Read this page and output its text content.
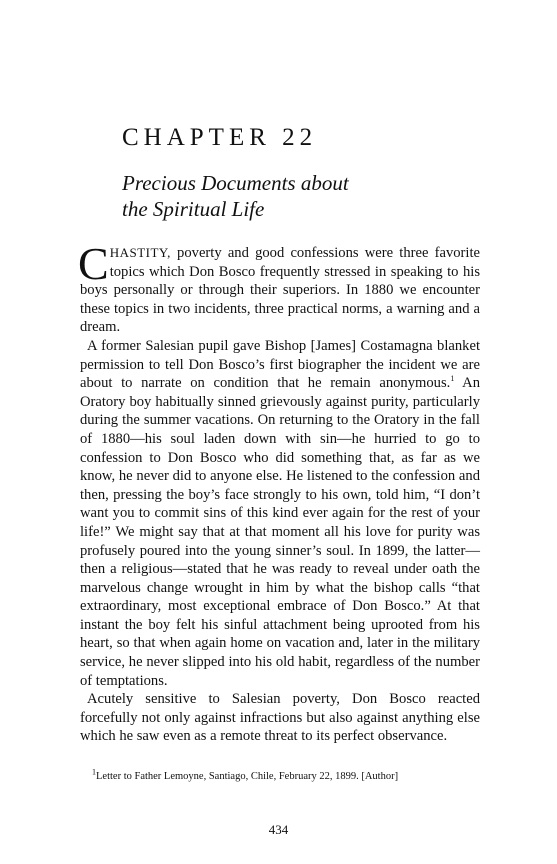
CHAPTER 22
Precious Documents about
the Spiritual Life

CHASTITY, poverty and good confessions were three favorite topics which Don Bosco frequently stressed in speaking to his boys personally or through their superiors. In 1880 we encounter these topics in two incidents, three practical norms, a warning and a dream.

A former Salesian pupil gave Bishop [James] Costamagna blanket permission to tell Don Bosco’s first biographer the incident we are about to narrate on condition that he remain anonymous.$^1$ An Oratory boy habitually sinned grievously against purity, particularly during the summer vacations. On returning to the Oratory in the fall of 1880—his soul laden down with sin—he hurried to go to confession to Don Bosco who did something that, as far as we know, he never did to anyone else. He listened to the confession and then, pressing the boy’s face strongly to his own, told him, “I don’t want you to commit sins of this kind ever again for the rest of your life!” We might say that at that moment all his love for purity was profusely poured into the young sinner’s soul. In 1899, the latter—then a religious—stated that he was ready to reveal under oath the marvelous change wrought in him by what the bishop calls “that extraordinary, most exceptional embrace of Don Bosco.” At that instant the boy felt his sinful attachment being uprooted from his heart, so that when again home on vacation and, later in the military service, he never slipped into his old habit, regardless of the number of temptations.

Acutely sensitive to Salesian poverty, Don Bosco reacted forcefully not only against infractions but also against anything else which he saw even as a remote threat to its perfect observance.

$^1$Letter to Father Lemoyne, Santiago, Chile, February 22, 1899. [Author]
434
